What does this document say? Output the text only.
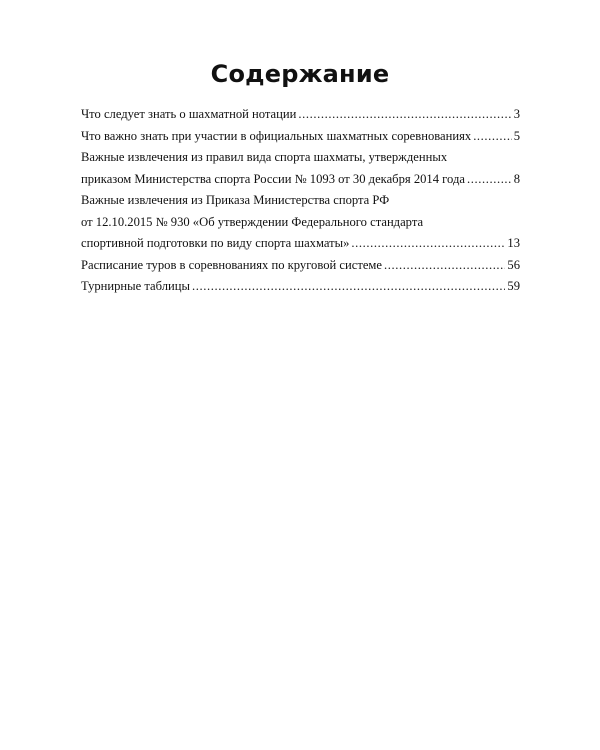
Содержание
Что следует знать о шахматной нотации .....	3
Что важно знать при участии в официальных шахматных соревнованиях .....	5
Важные извлечения из правил вида спорта шахматы, утвержденных
приказом Министерства спорта России № 1093 от 30 декабря 2014 года .....	8
Важные извлечения из Приказа Министерства спорта РФ
от 12.10.2015 № 930 «Об утверждении Федерального стандарта
спортивной подготовки по виду спорта шахматы» .....	13
Расписание туров в соревнованиях по круговой системе .....	56
Турнирные таблицы .....	59
